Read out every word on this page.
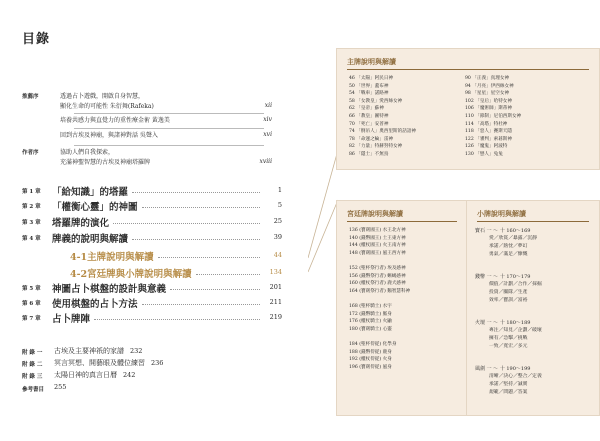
目錄
推薦序	透過占卜遊戲，開啟自身智慧，
顯化生命的可能性 朱衍舞(Rafeka)	xii
培養共感力與直覺力的重性療金術 黃逸美	xiv
回到古埃及神廟，與諸神對話 吳聲入	xvi
作者序	協助人們自我探索，
充滿神聖智慧的古埃及神廟塔羅牌	xviii
第 1 章 「給知識」的塔羅	1
第 2 章 「權衡心靈」的神圖	5
第 3 章 塔羅牌的演化	25
第 4 章 牌義的說明與解讀	39
4-1主牌說明與解讀	44
4-2宮廷牌與小牌說明與解讀	134
第 5 章 神圖占卜棋盤的設計與意義	201
第 6 章 使用棋盤的占卜方法	211
第 7 章 占卜牌陣	219
附 錄 一 古埃及主要神祇的家譜 232
附 錄 二 冥言冥想、開藝眼及體位練習 236
附 錄 三 太陽日神的真言日曆 242
參考書目 255
主牌說明與解讀
46 「太陽」阿民日神
50 「世界」蓋布神
54 「戰車」諾路神
58 「女教皇」愛西絲女神
62 「皇帝」蘇神
66 「教皇」圖特神
70 「死亡」安普神
74 「倒吊人」奧西里斯的話語神
78 「命運之輪」雷神
82 「力量」特赫努特女神
86 「隱士」不無鳥
90 「正義」真理女神
94 「月亮」伊西絲女神
98 「星星」星空女神
102 「皇后」哈特女神
106 「魔術師」斯蒂神
110 「節制」尼伯西斯女神
114 「高塔」特杜神
118 「惡人」賽斯天隱
122 「審判」索碁斯神
126 「魔鬼」阿波特
130 「戀人」兔兔
宮廷牌說明與解讀
136 (寶劍國王) 水王北方神
140 (錢幣國王) 土王東方神
144 (權杖國王) 火王南方神
148 (寶劍國王) 風王西方神

152 (聖杯祭行者) 埃及感神
156 (錢幣祭行者) 蜥蜴感神
160 (權杖祭行者) 鹿犬感神
164 (寶劍祭行者) 鵝智慧科神

168 (聖杯騎士) 水宇
172 (錢幣騎士) 脈身
176 (權杖騎士) 火鼬
180 (寶劍騎士) 心靈

184 (聖杯侍從) 化學身
188 (錢幣侍從) 鹿身
192 (權杖侍從) 火身
196 (寶劍侍從) 風身
小牌說明與解讀
寶石 一 ～ 十 160～169
愛／欣賞／暴露／沉靜
承諾／熱忱／夢幻
勇氣／滿足／慷慨
錢幣 一 ～ 十 170～179
價值／計劃／合作／採掘
投資／團隊／生產
效率／寶訓／富裕
火壇 一 ～ 十 180～189
專注／知見／企劃／破壞
擁有／急擊／挑戰
一致／寬宏／多元
風劍 一 ～ 十 190～199
清晰／決心／整合／定義
承諾／堅持／誠實
規範／問題／答案
